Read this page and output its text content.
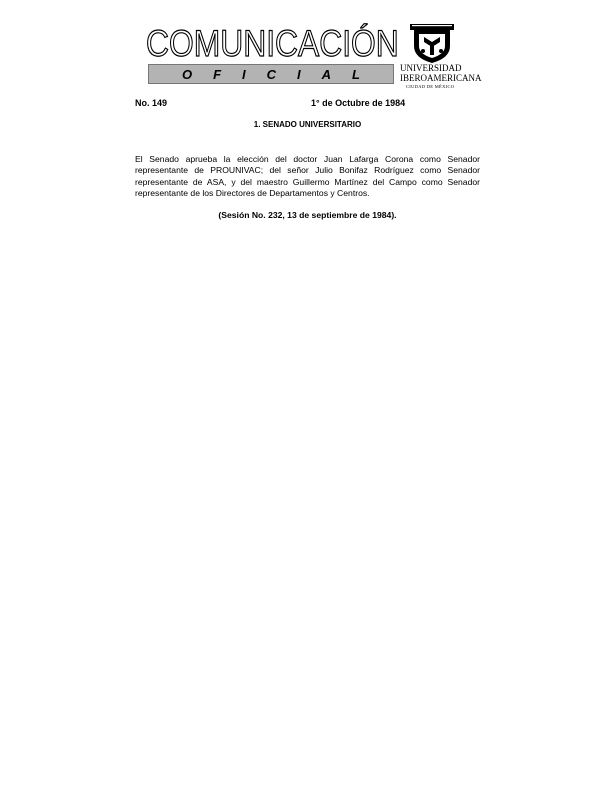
COMUNICACIÓN
OFICIAL UNIVERSIDAD
IBEROAMERICANA
CIUDAD DE MÉXICO
No. 149	1° de Octubre de 1984
1. SENADO UNIVERSITARIO
El Senado aprueba la elección del doctor Juan Lafarga Corona como Senador representante de PROUNIVAC; del señor Julio Bonifaz Rodríguez como Senador representante de ASA, y del maestro Guillermo Martínez del Campo como Senador representante de los Directores de Departamentos y Centros.
(Sesión No. 232, 13 de septiembre de 1984).
